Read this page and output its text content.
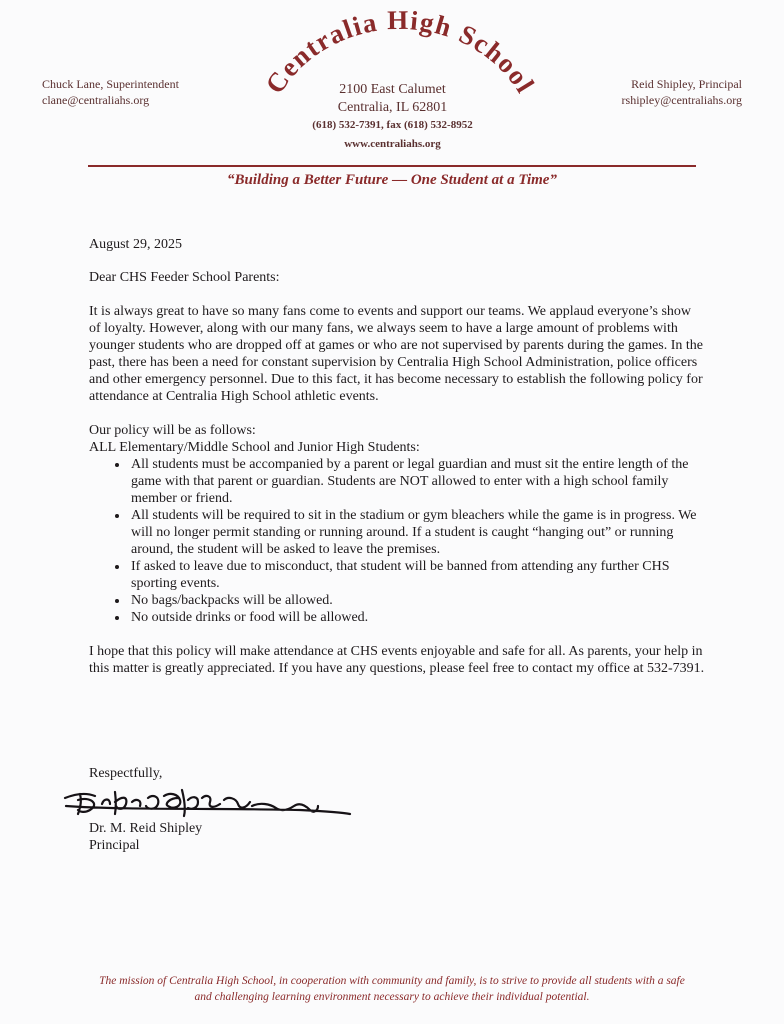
Chuck Lane, Superintendent
clane@centraliahs.org
Centralia High School
2100 East Calumet
Centralia, IL 62801
(618) 532-7391, fax (618) 532-8952
www.centraliahs.org
Reid Shipley, Principal
rshipley@centraliahs.org
“Building a Better Future — One Student at a Time”

August 29, 2025

Dear CHS Feeder School Parents:

It is always great to have so many fans come to events and support our teams. We applaud everyone’s show of loyalty. However, along with our many fans, we always seem to have a large amount of problems with younger students who are dropped off at games or who are not supervised by parents during the games. In the past, there has been a need for constant supervision by Centralia High School Administration, police officers and other emergency personnel. Due to this fact, it has become necessary to establish the following policy for attendance at Centralia High School athletic events.

Our policy will be as follows:

ALL Elementary/Middle School and Junior High Students:

• All students must be accompanied by a parent or legal guardian and must sit the entire length of the game with that parent or guardian. Students are NOT allowed to enter with a high school family member or friend.
• All students will be required to sit in the stadium or gym bleachers while the game is in progress. We will no longer permit standing or running around. If a student is caught “hanging out” or running around, the student will be asked to leave the premises.
• If asked to leave due to misconduct, that student will be banned from attending any further CHS sporting events.
• No bags/backpacks will be allowed.
• No outside drinks or food will be allowed.

I hope that this policy will make attendance at CHS events enjoyable and safe for all. As parents, your help in this matter is greatly appreciated. If you have any questions, please feel free to contact my office at 532-7391.

Respectfully,
Dr. M. Reid Shipley
Principal
The mission of Centralia High School, in cooperation with community and family, is to strive to provide all students with a safe
and challenging learning environment necessary to achieve their individual potential.
